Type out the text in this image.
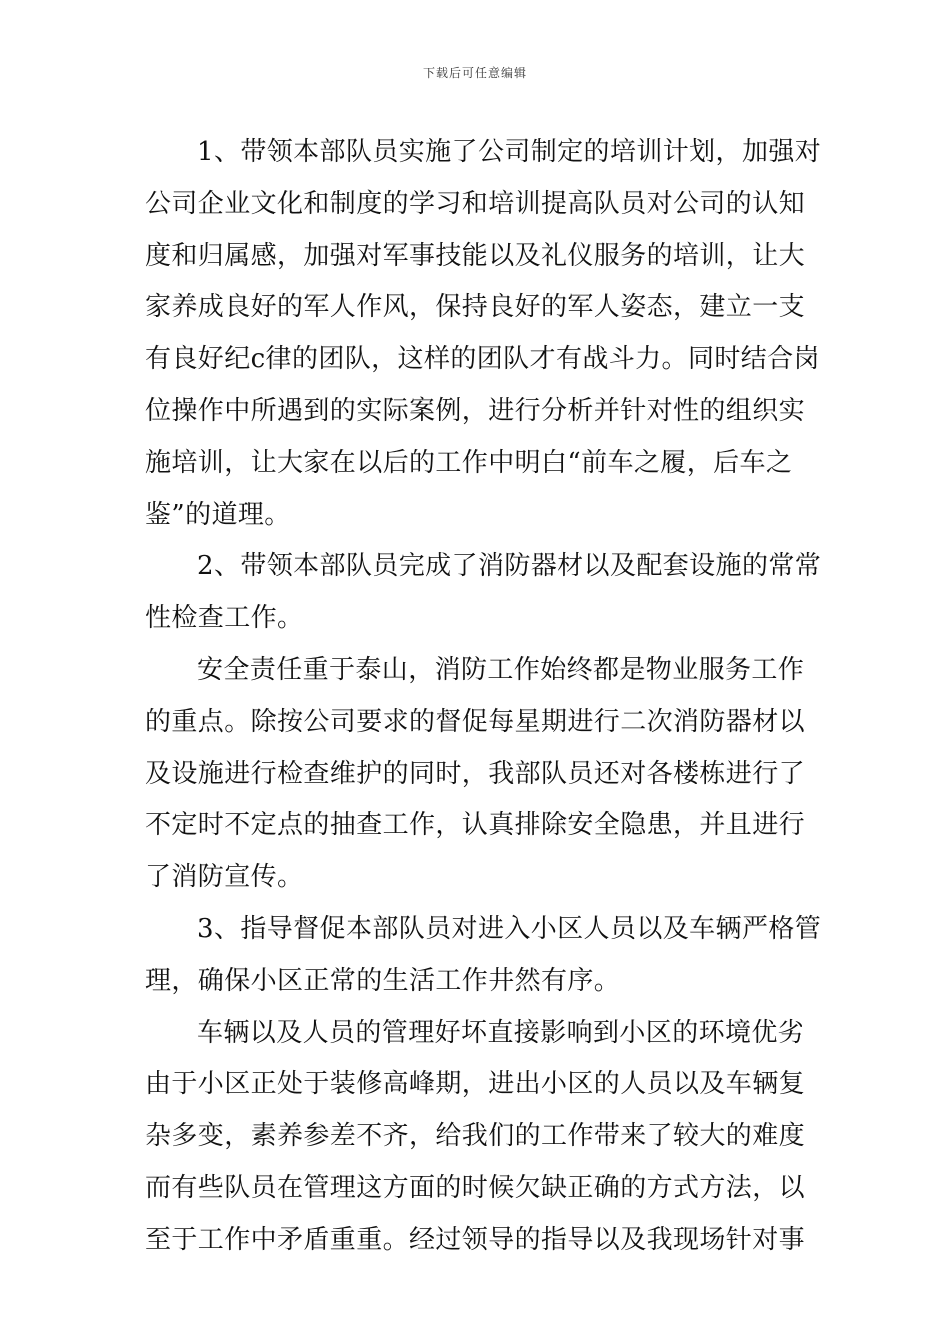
下载后可任意编辑
1、带领本部队员实施了公司制定的培训计划，加强对
公司企业文化和制度的学习和培训提高队员对公司的认知
度和归属感，加强对军事技能以及礼仪服务的培训，让大
家养成良好的军人作风，保持良好的军人姿态，建立一支
有良好纪c律的团队，这样的团队才有战斗力。同时结合岗
位操作中所遇到的实际案例，进行分析并针对性的组织实
施培训，让大家在以后的工作中明白“前车之履，后车之
鉴”的道理。
2、带领本部队员完成了消防器材以及配套设施的常常
性检查工作。
安全责任重于泰山，消防工作始终都是物业服务工作
的重点。除按公司要求的督促每星期进行二次消防器材以
及设施进行检查维护的同时，我部队员还对各楼栋进行了
不定时不定点的抽查工作，认真排除安全隐患，并且进行
了消防宣传。
3、指导督促本部队员对进入小区人员以及车辆严格管
理，确保小区正常的生活工作井然有序。
车辆以及人员的管理好坏直接影响到小区的环境优劣
由于小区正处于装修高峰期，进出小区的人员以及车辆复
杂多变，素养参差不齐，给我们的工作带来了较大的难度
而有些队员在管理这方面的时候欠缺正确的方式方法，以
至于工作中矛盾重重。经过领导的指导以及我现场针对事
